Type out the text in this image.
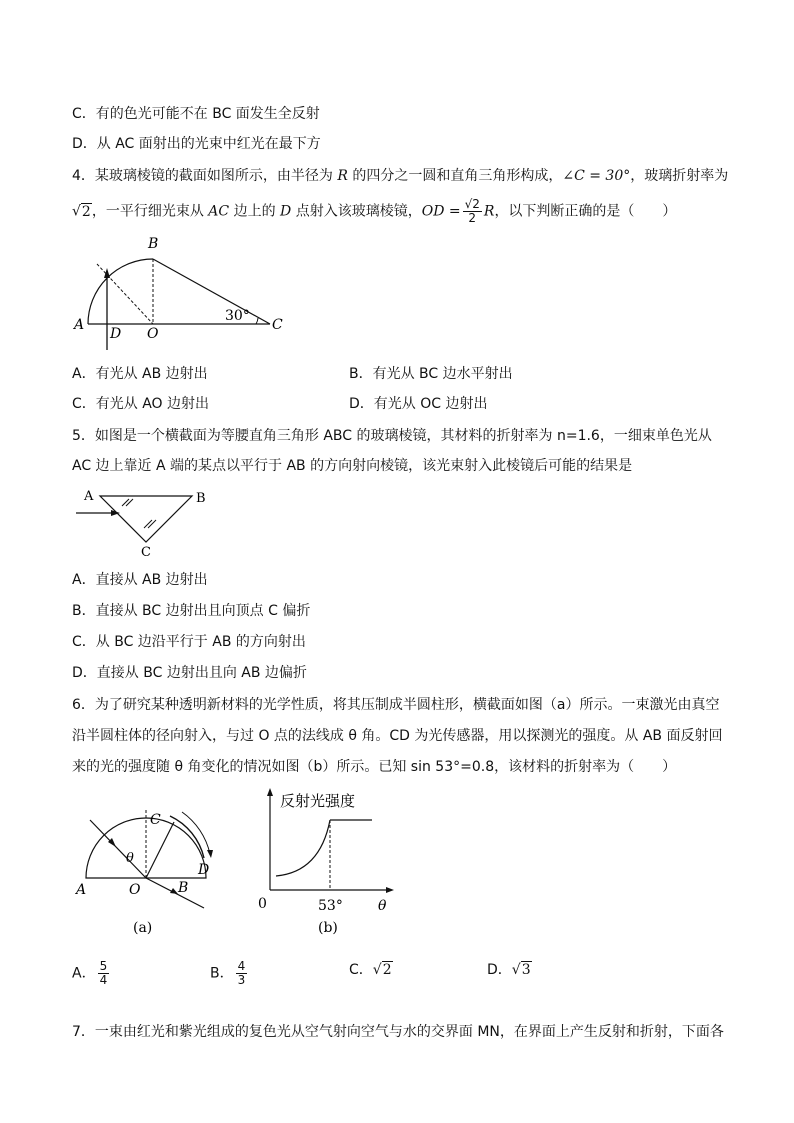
C．有的色光可能不在 BC 面发生全反射
D．从 AC 面射出的光束中红光在最下方
4．某玻璃棱镜的截面如图所示，由半径为 R 的四分之一圆和直角三角形构成，∠C = 30°，玻璃折射率为
√2，一平行细光束从 AC 边上的 D 点射入该玻璃棱镜，OD = $\frac{√2}{2}$ R，以下判断正确的是（　　）
B
A
D O
C
30°
A．有光从 AB 边射出	B．有光从 BC 边水平射出
C．有光从 AO 边射出	D．有光从 OC 边射出
5．如图是一个横截面为等腰直角三角形 ABC 的玻璃棱镜，其材料的折射率为 n=1.6，一细束单色光从
AC 边上靠近 A 端的某点以平行于 AB 的方向射向棱镜，该光束射入此棱镜后可能的结果是
A	B
C
A．直接从 AB 边射出
B．直接从 BC 边射出且向顶点 C 偏折
C．从 BC 边沿平行于 AB 的方向射出
D．直接从 BC 边射出且向 AB 边偏折
6．为了研究某种透明新材料的光学性质，将其压制成半圆柱形，横截面如图（a）所示。一束激光由真空
沿半圆柱体的径向射入，与过 O 点的法线成 θ 角。CD 为光传感器，用以探测光的强度。从 AB 面反射回
来的光的强度随 θ 角变化的情况如图（b）所示。已知 sin 53°=0.8，该材料的折射率为（　　）
C
D
θ
A	O	B
(a)
反射光强度
0	53°	θ
(b)
A． $\frac{5}{4}$	B． $\frac{4}{3}$	C．√2	D．√3
7．一束由红光和紫光组成的复色光从空气射向空气与水的交界面 MN，在界面上产生反射和折射，下面各
